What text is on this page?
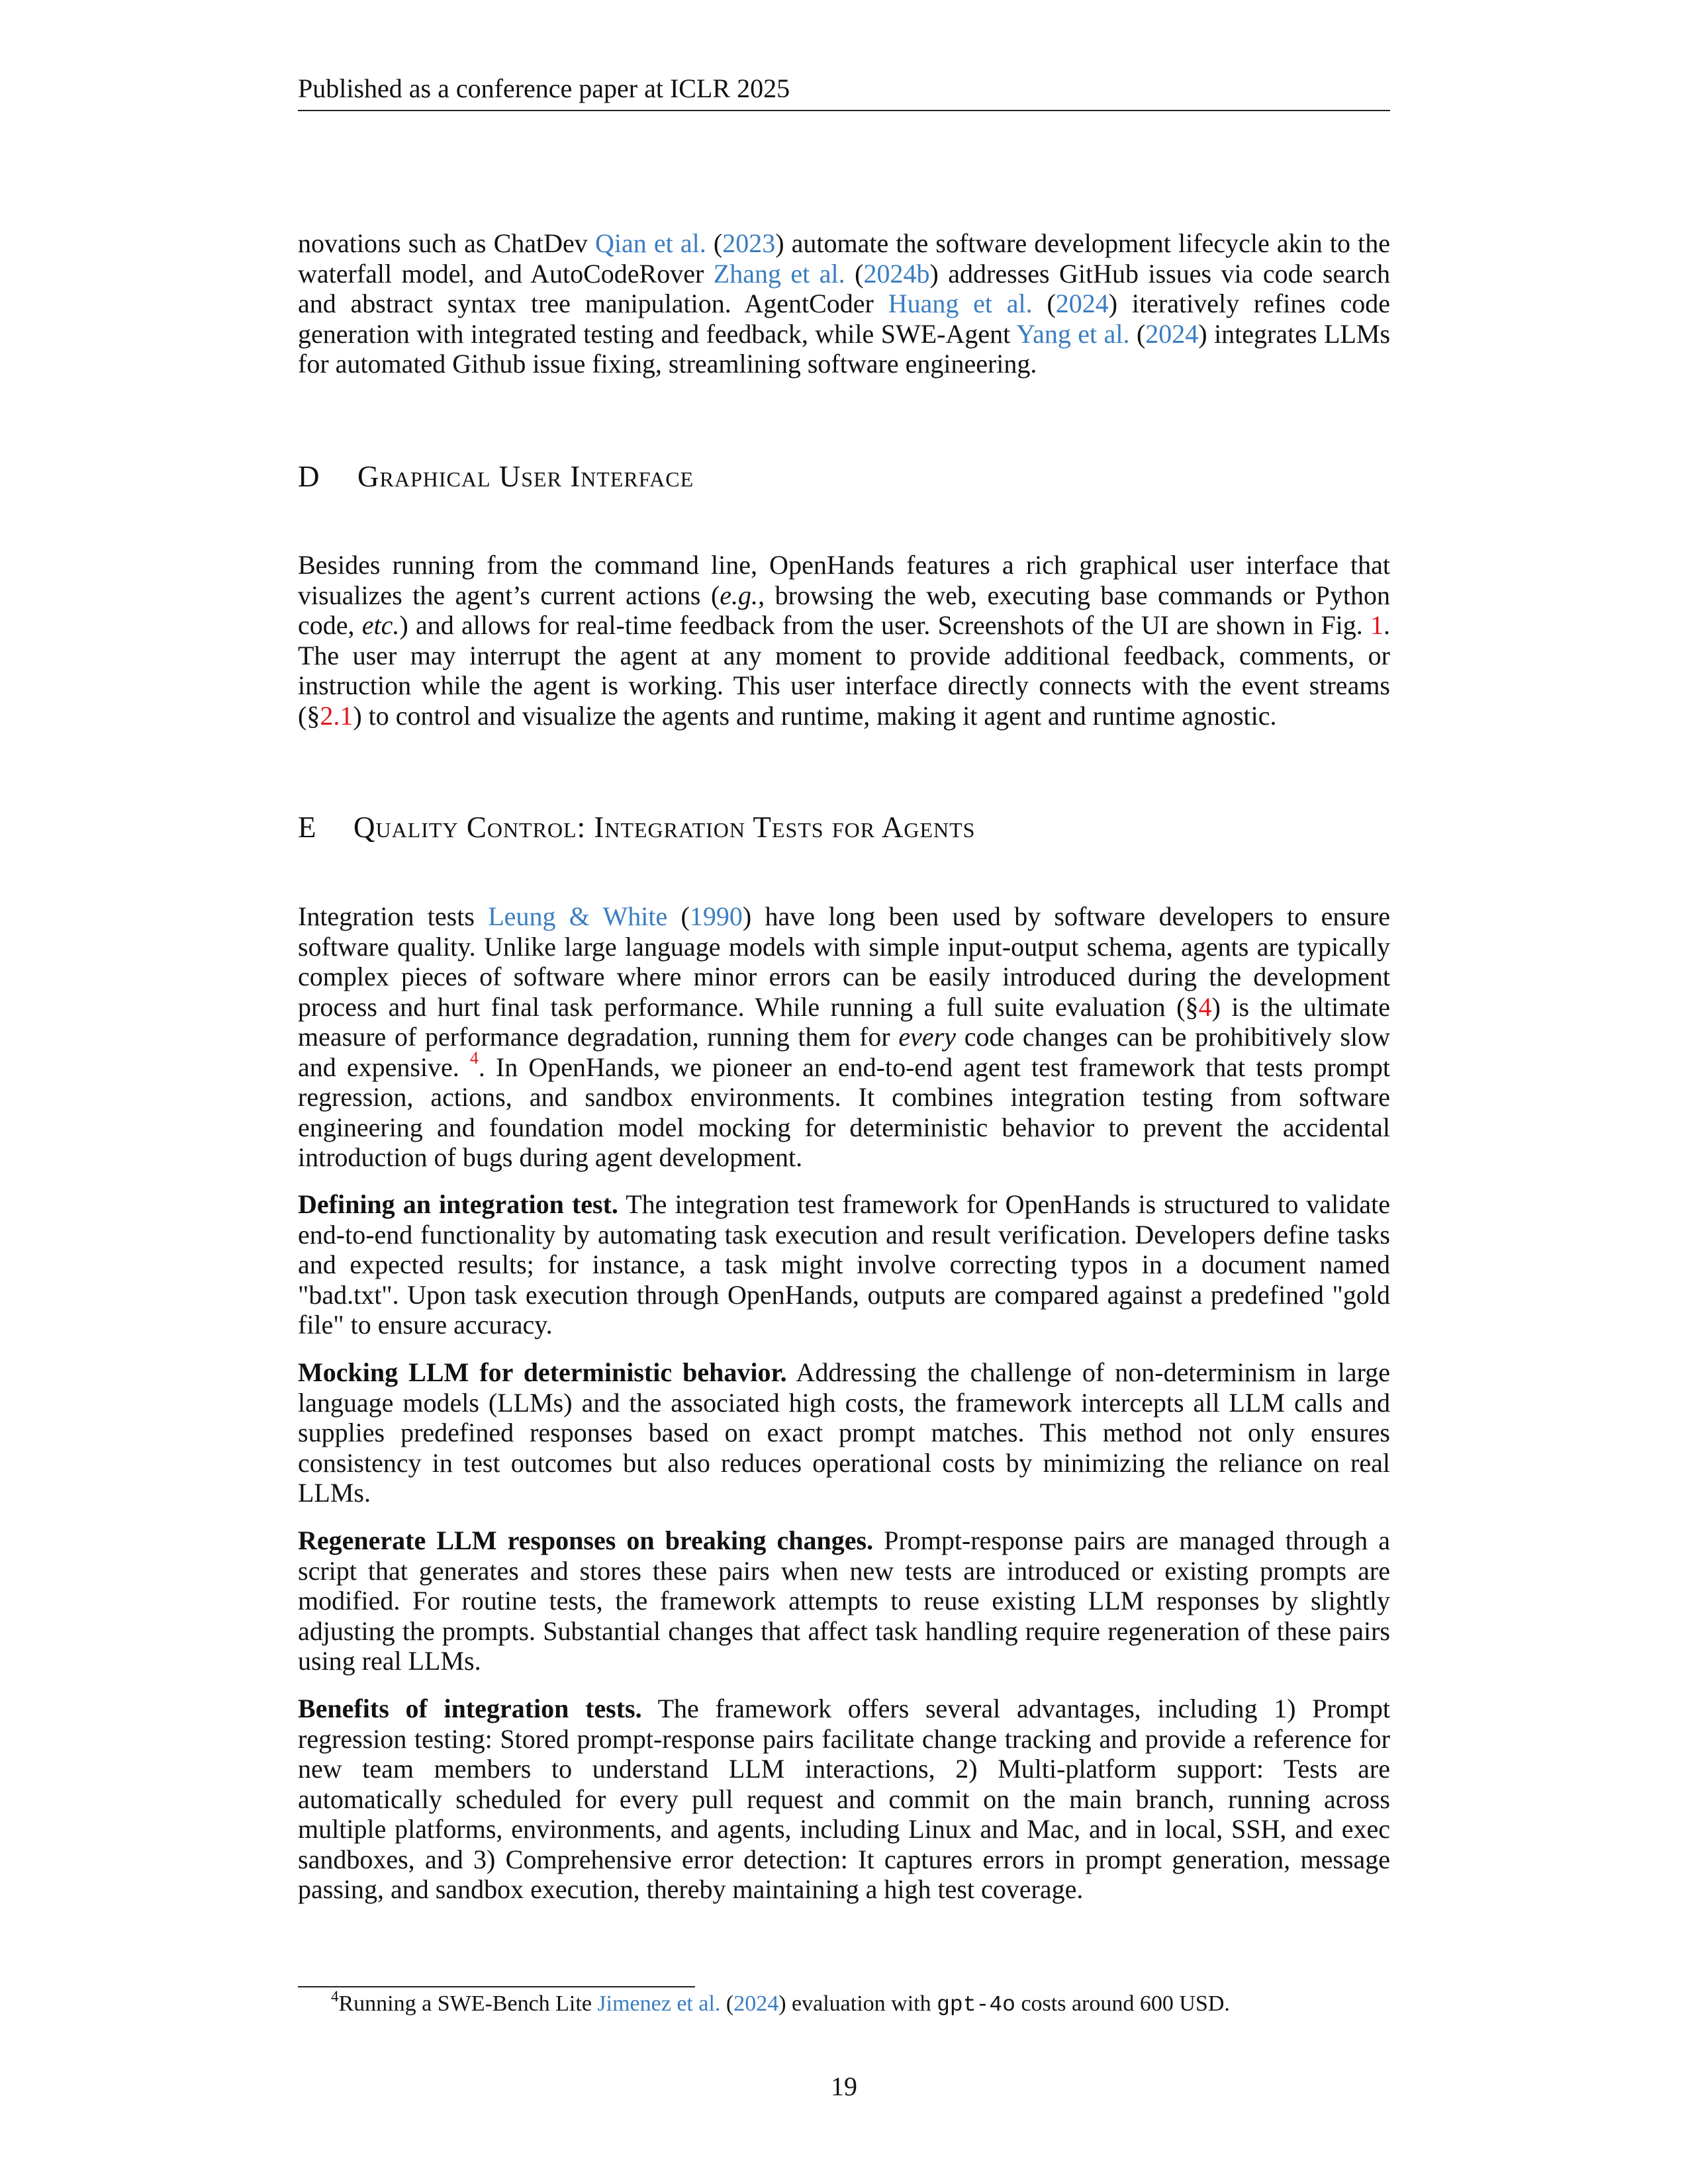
Published as a conference paper at ICLR 2025

novations such as ChatDev Qian et al. (2023) automate the software development lifecycle akin to the waterfall model, and AutoCodeRover Zhang et al. (2024b) addresses GitHub issues via code search and abstract syntax tree manipulation. AgentCoder Huang et al. (2024) iteratively refines code generation with integrated testing and feedback, while SWE-Agent Yang et al. (2024) integrates LLMs for automated Github issue fixing, streamlining software engineering.

D Graphical User Interface

Besides running from the command line, OpenHands features a rich graphical user interface that visualizes the agent’s current actions (e.g., browsing the web, executing base commands or Python code, etc.) and allows for real-time feedback from the user. Screenshots of the UI are shown in Fig. 1. The user may interrupt the agent at any moment to provide additional feedback, comments, or instruction while the agent is working. This user interface directly connects with the event streams (§2.1) to control and visualize the agents and runtime, making it agent and runtime agnostic.

E Quality Control: Integration Tests for Agents

Integration tests Leung & White (1990) have long been used by software developers to ensure software quality. Unlike large language models with simple input-output schema, agents are typically complex pieces of software where minor errors can be easily introduced during the development process and hurt final task performance. While running a full suite evaluation (§4) is the ultimate measure of performance degradation, running them for every code changes can be prohibitively slow and expensive. $^4$. In OpenHands, we pioneer an end-to-end agent test framework that tests prompt regression, actions, and sandbox environments. It combines integration testing from software engineering and foundation model mocking for deterministic behavior to prevent the accidental introduction of bugs during agent development.

Defining an integration test. The integration test framework for OpenHands is structured to validate end-to-end functionality by automating task execution and result verification. Developers define tasks and expected results; for instance, a task might involve correcting typos in a document named "bad.txt". Upon task execution through OpenHands, outputs are compared against a predefined "gold file" to ensure accuracy.

Mocking LLM for deterministic behavior. Addressing the challenge of non-determinism in large language models (LLMs) and the associated high costs, the framework intercepts all LLM calls and supplies predefined responses based on exact prompt matches. This method not only ensures consistency in test outcomes but also reduces operational costs by minimizing the reliance on real LLMs.

Regenerate LLM responses on breaking changes. Prompt-response pairs are managed through a script that generates and stores these pairs when new tests are introduced or existing prompts are modified. For routine tests, the framework attempts to reuse existing LLM responses by slightly adjusting the prompts. Substantial changes that affect task handling require regeneration of these pairs using real LLMs.

Benefits of integration tests. The framework offers several advantages, including 1) Prompt regression testing: Stored prompt-response pairs facilitate change tracking and provide a reference for new team members to understand LLM interactions, 2) Multi-platform support: Tests are automatically scheduled for every pull request and commit on the main branch, running across multiple platforms, environments, and agents, including Linux and Mac, and in local, SSH, and exec sandboxes, and 3) Comprehensive error detection: It captures errors in prompt generation, message passing, and sandbox execution, thereby maintaining a high test coverage.

$^4$Running a SWE-Bench Lite Jimenez et al. (2024) evaluation with gpt-4o costs around 600 USD.
19
